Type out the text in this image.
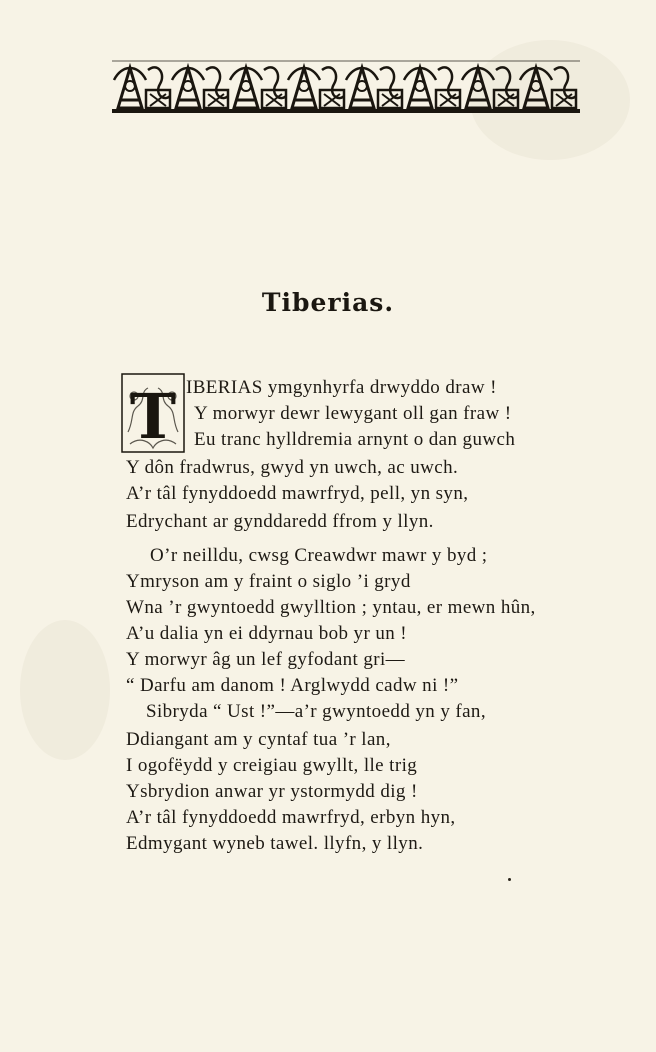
Tiberias.
T IBERIAS ymgynhyrfa drwyddo draw !
Y morwyr dewr lewygant oll gan fraw !
Eu tranc hylldremia arnynt o dan guwch
Y dôn fradwrus, gwyd yn uwch, ac uwch.
A’r tâl fynyddoedd mawrfryd, pell, yn syn,
Edrychant ar gynddaredd ffrom y llyn.
O’r neilldu, cwsg Creawdwr mawr y byd ;
Ymryson am y fraint o siglo ’i gryd
Wna ’r gwyntoedd gwylltion ; yntau, er mewn hûn,
A’u dalia yn ei ddyrnau bob yr un !
Y morwyr âg un lef gyfodant gri—
“ Darfu am danom ! Arglwydd cadw ni !”
Sibryda “ Ust !”—a’r gwyntoedd yn y fan,
Ddiangant am y cyntaf tua ’r lan,
I ogofëydd y creigiau gwyllt, lle trig
Ysbrydion anwar yr ystormydd dig !
A’r tâl fynyddoedd mawrfryd, erbyn hyn,
Edmygant wyneb tawel. llyfn, y llyn.
